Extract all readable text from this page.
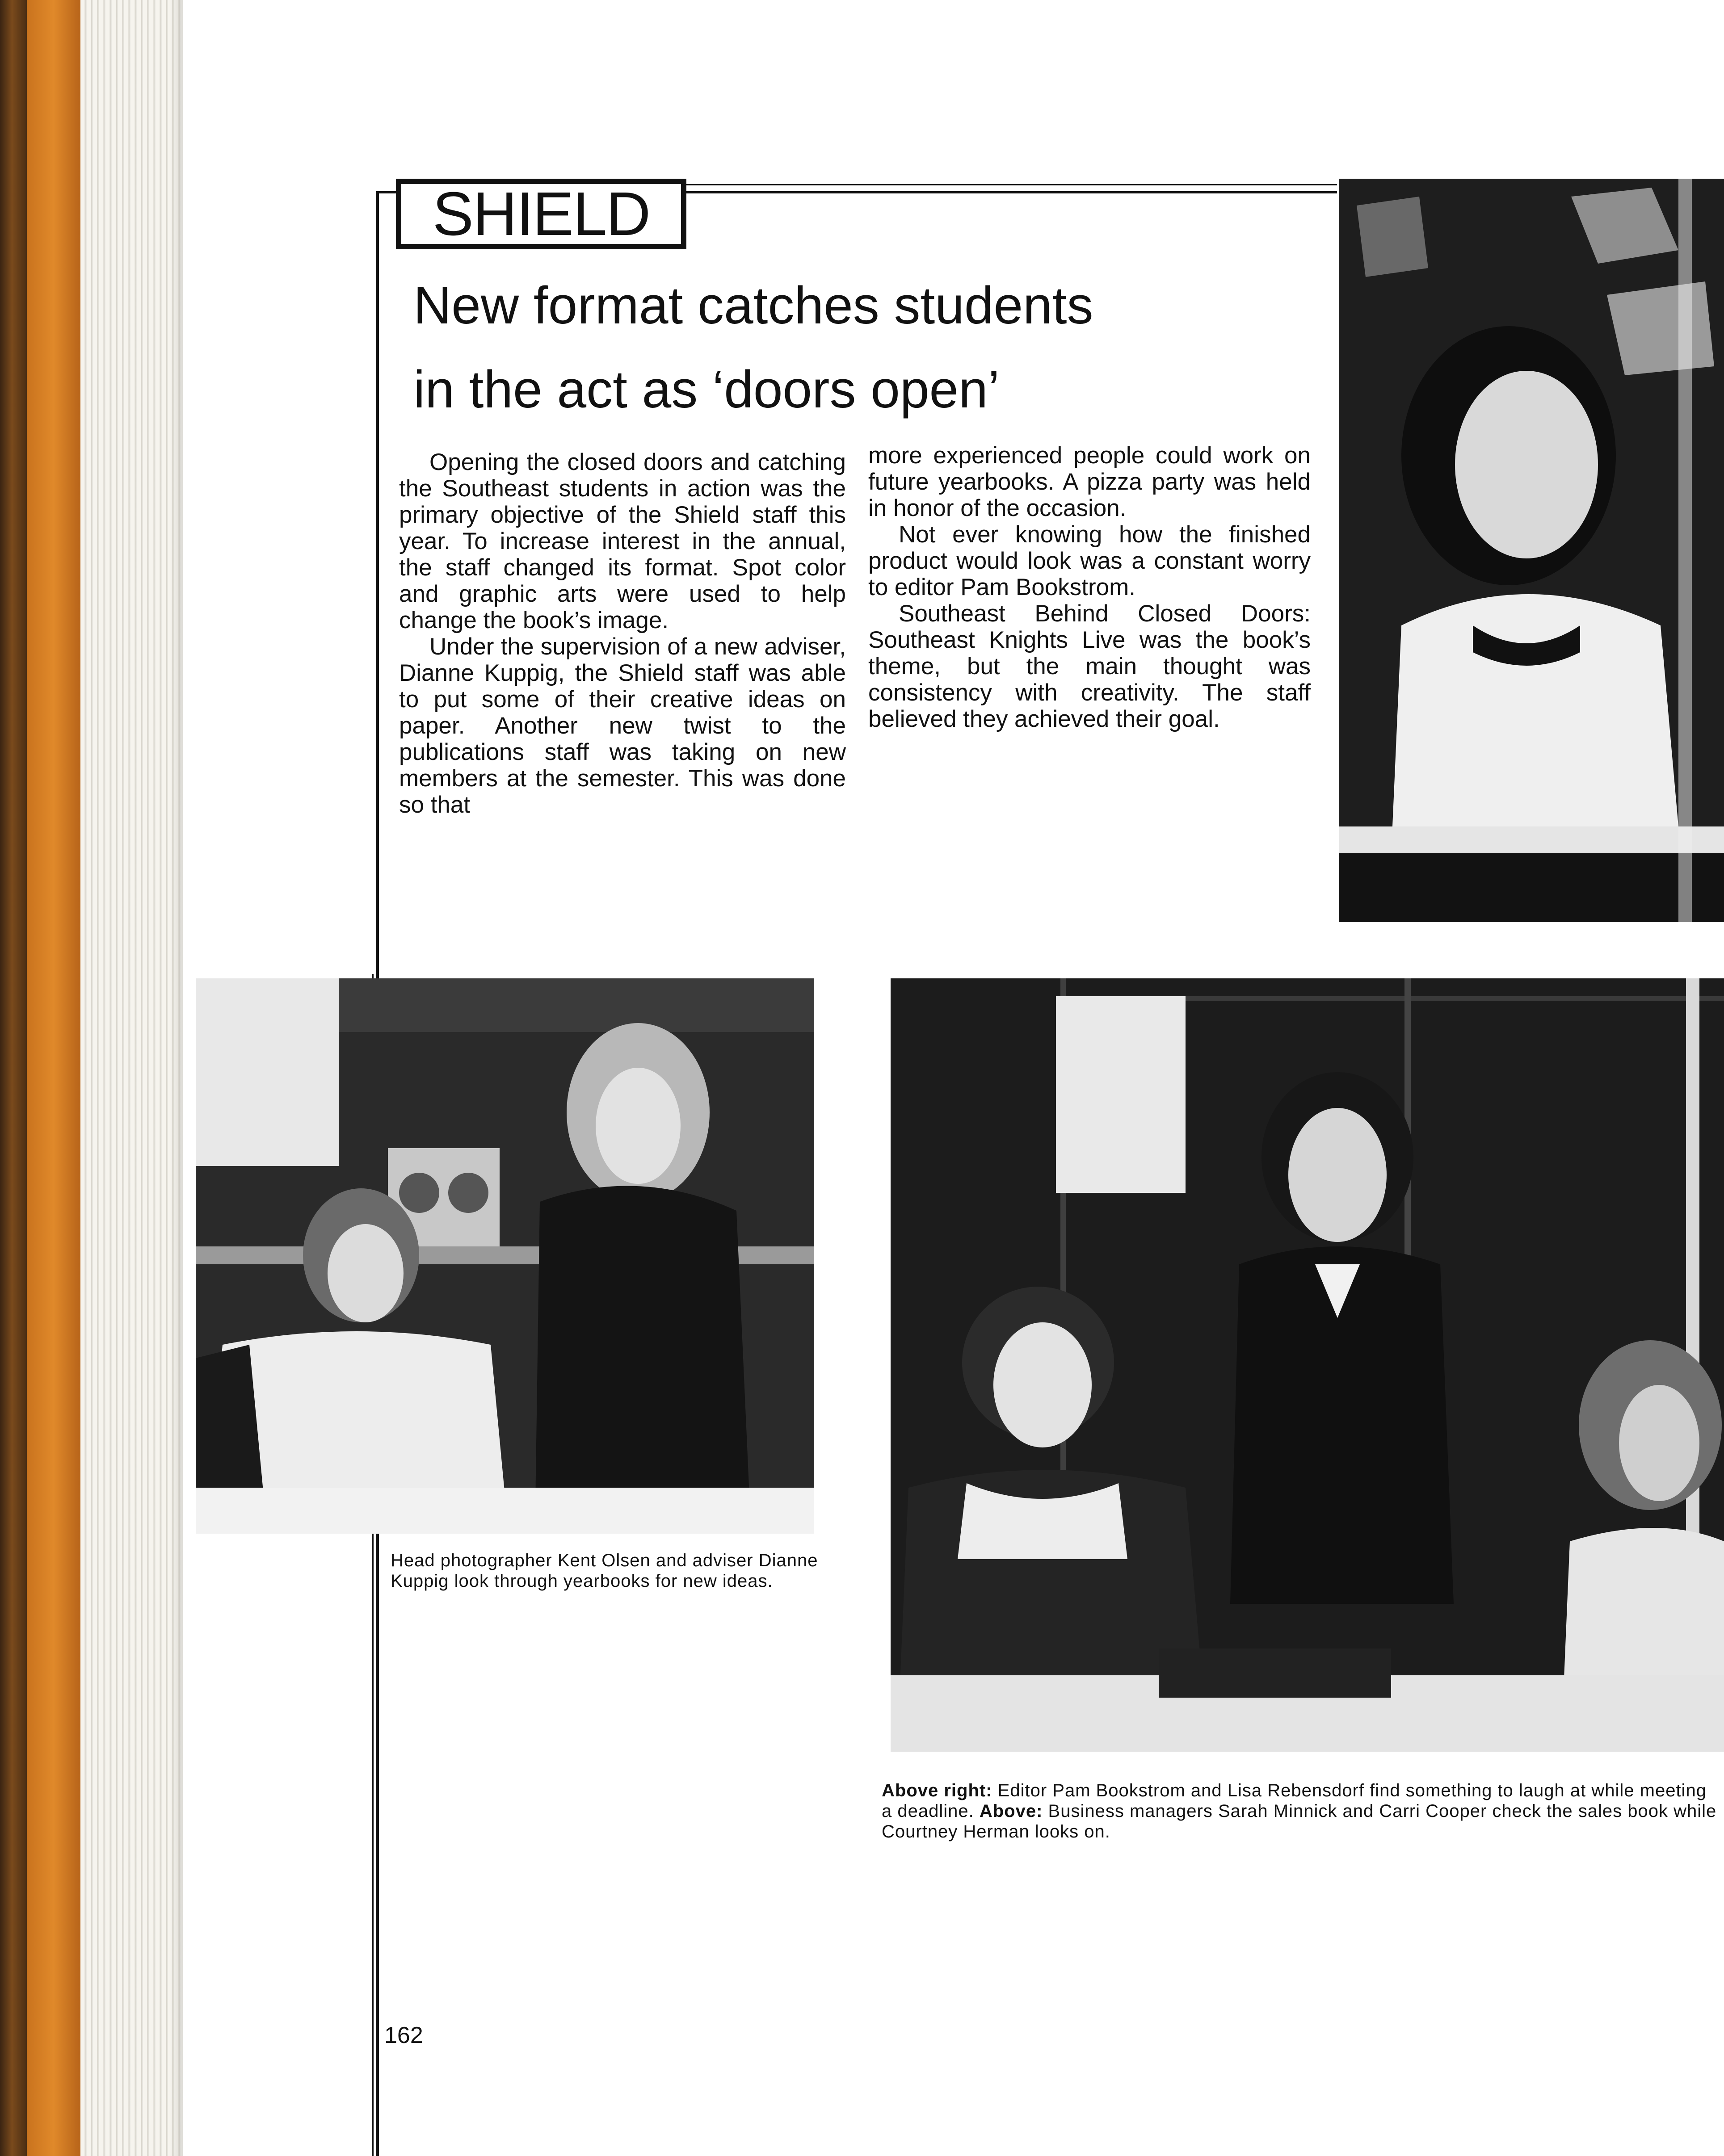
SHIELD
New format catches students
in the act as ‘doors open’

Opening the closed doors and catching the Southeast students in action was the primary objective of the Shield staff this year. To increase interest in the annual, the staff changed its format. Spot color and graphic arts were used to help change the book’s image.

Under the supervision of a new adviser, Dianne Kuppig, the Shield staff was able to put some of their creative ideas on paper. Another new twist to the publications staff was taking on new members at the semester. This was done so that

more experienced people could work on future yearbooks. A pizza party was held in honor of the occasion.

Not ever knowing how the finished product would look was a constant worry to editor Pam Bookstrom.

Southeast Behind Closed Doors: Southeast Knights Live was the book’s theme, but the main thought was consistency with creativity. The staff believed they achieved their goal.

Head photographer Kent Olsen and adviser Dianne Kuppig look through yearbooks for new ideas.

Above right: Editor Pam Bookstrom and Lisa Rebensdorf find something to laugh at while meeting a deadline. Above: Business managers Sarah Minnick and Carri Cooper check the sales book while Courtney Herman looks on.

162
